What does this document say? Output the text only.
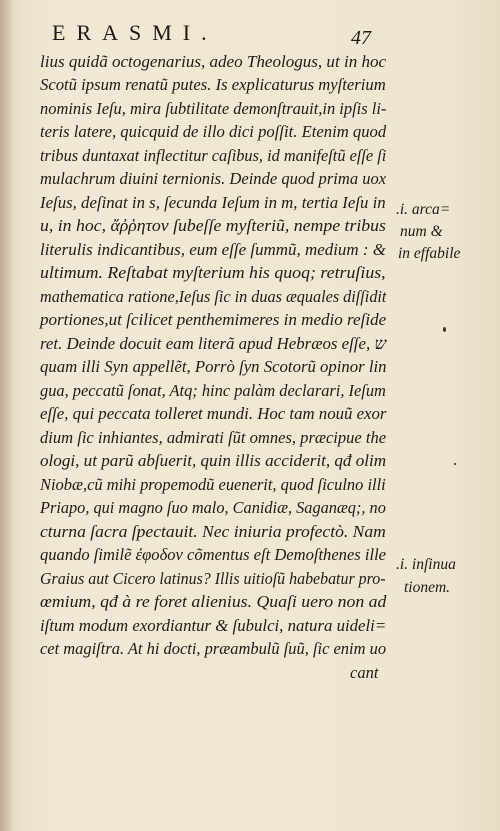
ERASMI.	47
lius quidã octogenarius, adeo Theologus, ut in hoc
Scotũ ipsum renatũ putes. Is explicaturus myſterium
nominis Ieſu, mira ſubtilitate demonſtrauit,in ipſis li-
teris latere, quicquid de illo dici poſſit. Etenim quod
tribus duntaxat inflectitur caſibus, id manifeſtũ eſſe ſi
mulachrum diuini ternionis. Deinde quod prima uox
Ieſus, deſinat in s, ſecunda Ieſum in m, tertia Ieſu in
u, in hoc, ἄῤῥητον ſubeſſe myſteriũ, nempe tribus
literulis indicantibus, eum eſſe ſummũ, medium : &
ultimum. Reſtabat myſterium his quoq; retruſius,
mathematica ratione,Ieſus ſic in duas æquales diſſidit
portiones,ut ſcilicet penthemimeres in medio reſide
ret. Deinde docuit eam literã apud Hebræos eſſe, ש
quam illi Syn appellẽt, Porrò ſyn Scotorũ opinor lin
gua, peccatũ ſonat, Atq; hinc palàm declarari, Ieſum
eſſe, qui peccata tolleret mundi. Hoc tam nouũ exor
dium ſic inhiantes, admirati ſũt omnes, præcipue the
ologi, ut parũ abſuerit, quin illis acciderit, qđ olim
Niobæ,cũ mihi propemodũ euenerit, quod ſiculno illi
Priapo, qui magno ſuo malo, Canidiæ, Saganæq;, no
cturna ſacra ſpectauit. Nec iniuria profectò. Nam
quando ſimilẽ ἐφοδον cõmentus eſt Demoſthenes ille
Graius aut Cicero latinus? Illis uitioſũ habebatur pro-
œmium, qđ à re foret alienius. Quaſi uero non ad
iſtum modum exordiantur & ſubulci, natura uideli=
cet magiſtra. At hi docti, præambulũ ſuũ, ſic enim uo
cant
.i. arca=
num &
in effabile
.i. inſinua
tionem.
